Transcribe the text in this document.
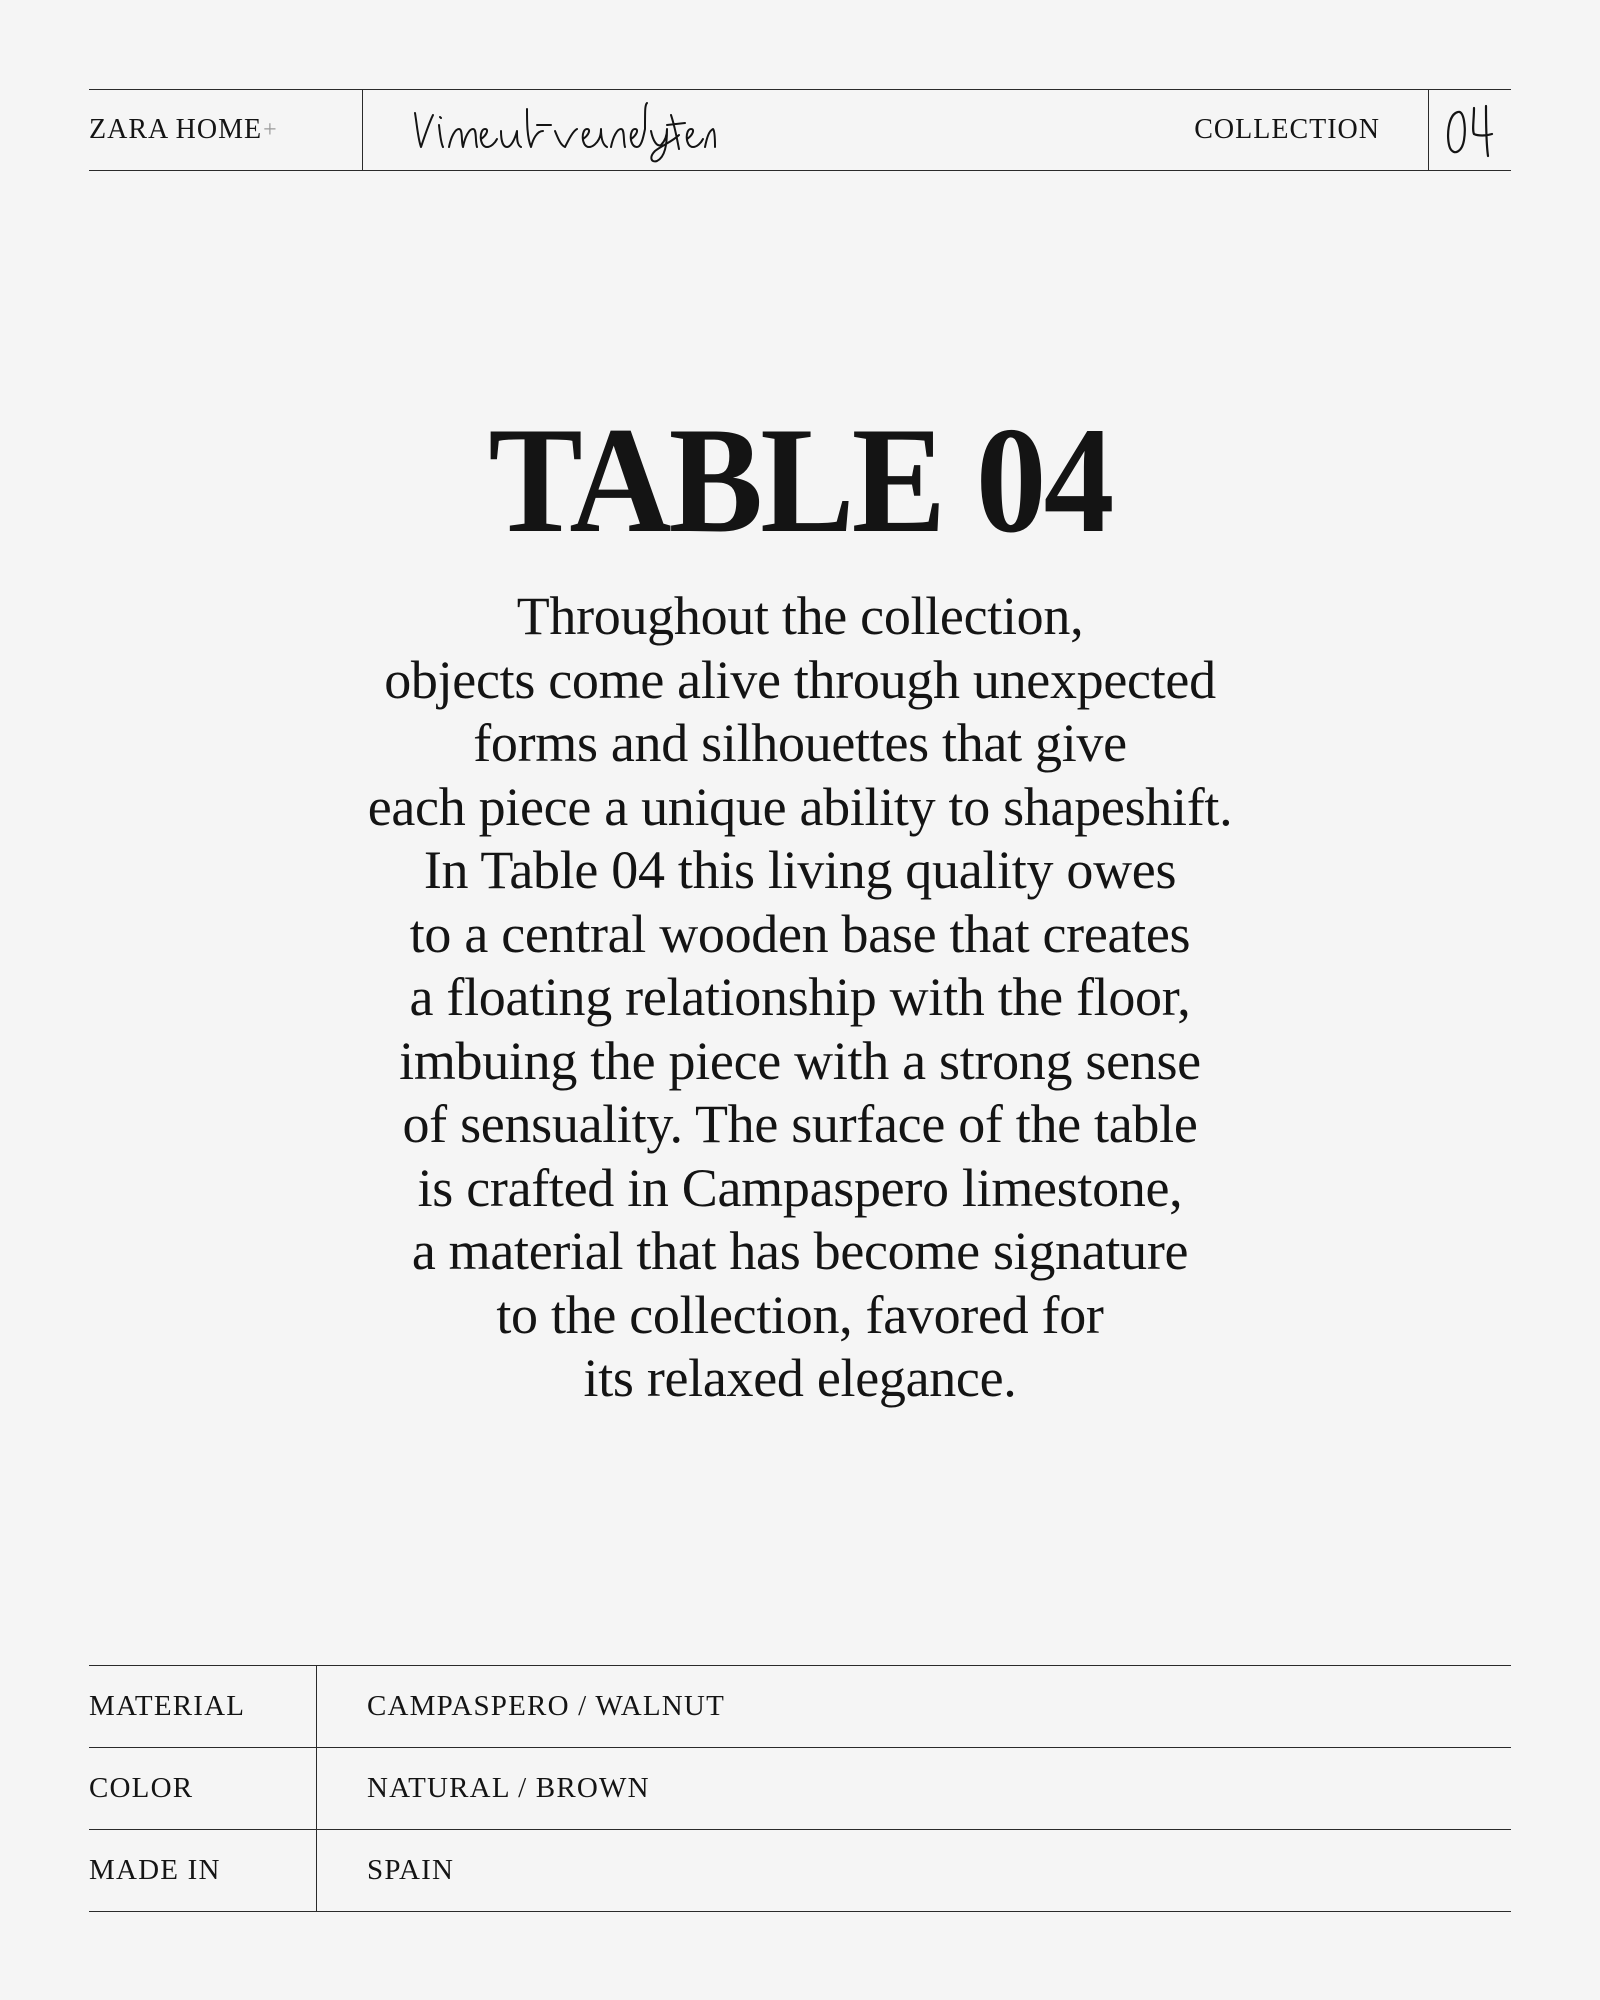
ZARA HOME +	COLLECTION
TABLE 04
Throughout the collection,
objects come alive through unexpected
forms and silhouettes that give
each piece a unique ability to shapeshift.
In Table 04 this living quality owes
to a central wooden base that creates
a floating relationship with the floor,
imbuing the piece with a strong sense
of sensuality. The surface of the table
is crafted in Campaspero limestone,
a material that has become signature
to the collection, favored for
its relaxed elegance.
MATERIAL	CAMPASPERO / WALNUT
COLOR	NATURAL / BROWN
MADE IN	SPAIN
